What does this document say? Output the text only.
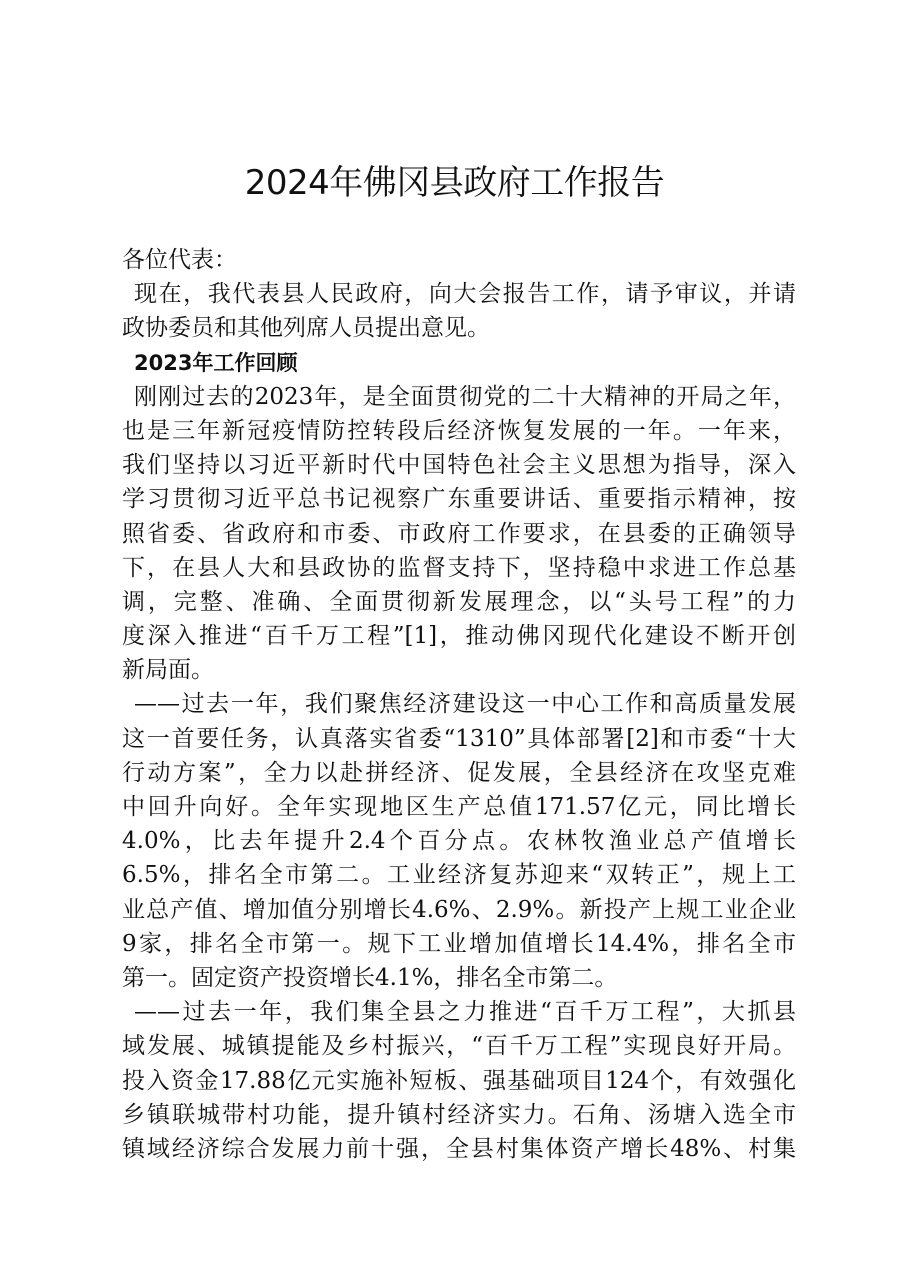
2024年佛冈县政府工作报告
各位代表：
现在，我代表县人民政府，向大会报告工作，请予审议，并请
政协委员和其他列席人员提出意见。
2023年工作回顾
刚刚过去的2023年，是全面贯彻党的二十大精神的开局之年，
也是三年新冠疫情防控转段后经济恢复发展的一年。一年来，
我们坚持以习近平新时代中国特色社会主义思想为指导，深入
学习贯彻习近平总书记视察广东重要讲话、重要指示精神，按
照省委、省政府和市委、市政府工作要求，在县委的正确领导
下，在县人大和县政协的监督支持下，坚持稳中求进工作总基
调，完整、准确、全面贯彻新发展理念，以“头号工程”的力
度深入推进“百千万工程”[1]，推动佛冈现代化建设不断开创
新局面。
——过去一年，我们聚焦经济建设这一中心工作和高质量发展
这一首要任务，认真落实省委“1310”具体部署[2]和市委“十大
行动方案”，全力以赴拼经济、促发展，全县经济在攻坚克难
中回升向好。全年实现地区生产总值171.57亿元，同比增长
4.0%，比去年提升2.4个百分点。农林牧渔业总产值增长
6.5%，排名全市第二。工业经济复苏迎来“双转正”，规上工
业总产值、增加值分别增长4.6%、2.9%。新投产上规工业企业
9家，排名全市第一。规下工业增加值增长14.4%，排名全市
第一。固定资产投资增长4.1%，排名全市第二。
——过去一年，我们集全县之力推进“百千万工程”，大抓县
域发展、城镇提能及乡村振兴，“百千万工程”实现良好开局。
投入资金17.88亿元实施补短板、强基础项目124个，有效强化
乡镇联城带村功能，提升镇村经济实力。石角、汤塘入选全市
镇域经济综合发展力前十强，全县村集体资产增长48%、村集
